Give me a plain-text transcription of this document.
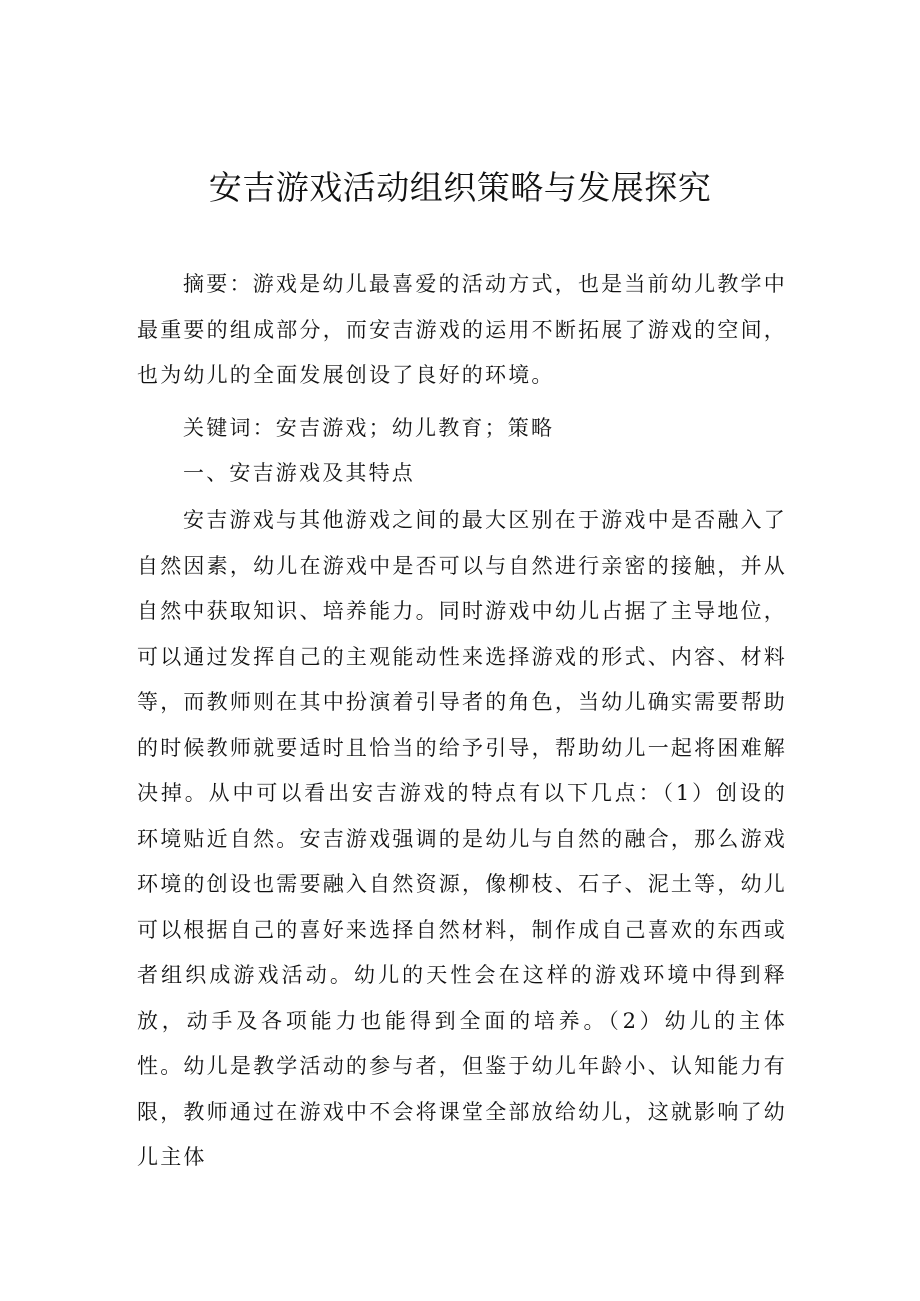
安吉游戏活动组织策略与发展探究

摘要：游戏是幼儿最喜爱的活动方式，也是当前幼儿教学中最重要的组成部分，而安吉游戏的运用不断拓展了游戏的空间，也为幼儿的全面发展创设了良好的环境。

关键词：安吉游戏；幼儿教育；策略

一、安吉游戏及其特点

安吉游戏与其他游戏之间的最大区别在于游戏中是否融入了自然因素，幼儿在游戏中是否可以与自然进行亲密的接触，并从自然中获取知识、培养能力。同时游戏中幼儿占据了主导地位，可以通过发挥自己的主观能动性来选择游戏的形式、内容、材料等，而教师则在其中扮演着引导者的角色，当幼儿确实需要帮助的时候教师就要适时且恰当的给予引导，帮助幼儿一起将困难解决掉。从中可以看出安吉游戏的特点有以下几点：（1）创设的环境贴近自然。安吉游戏强调的是幼儿与自然的融合，那么游戏环境的创设也需要融入自然资源，像柳枝、石子、泥土等，幼儿可以根据自己的喜好来选择自然材料，制作成自己喜欢的东西或者组织成游戏活动。幼儿的天性会在这样的游戏环境中得到释放，动手及各项能力也能得到全面的培养。（2）幼儿的主体性。幼儿是教学活动的参与者，但鉴于幼儿年龄小、认知能力有限，教师通过在游戏中不会将课堂全部放给幼儿，这就影响了幼儿主体
